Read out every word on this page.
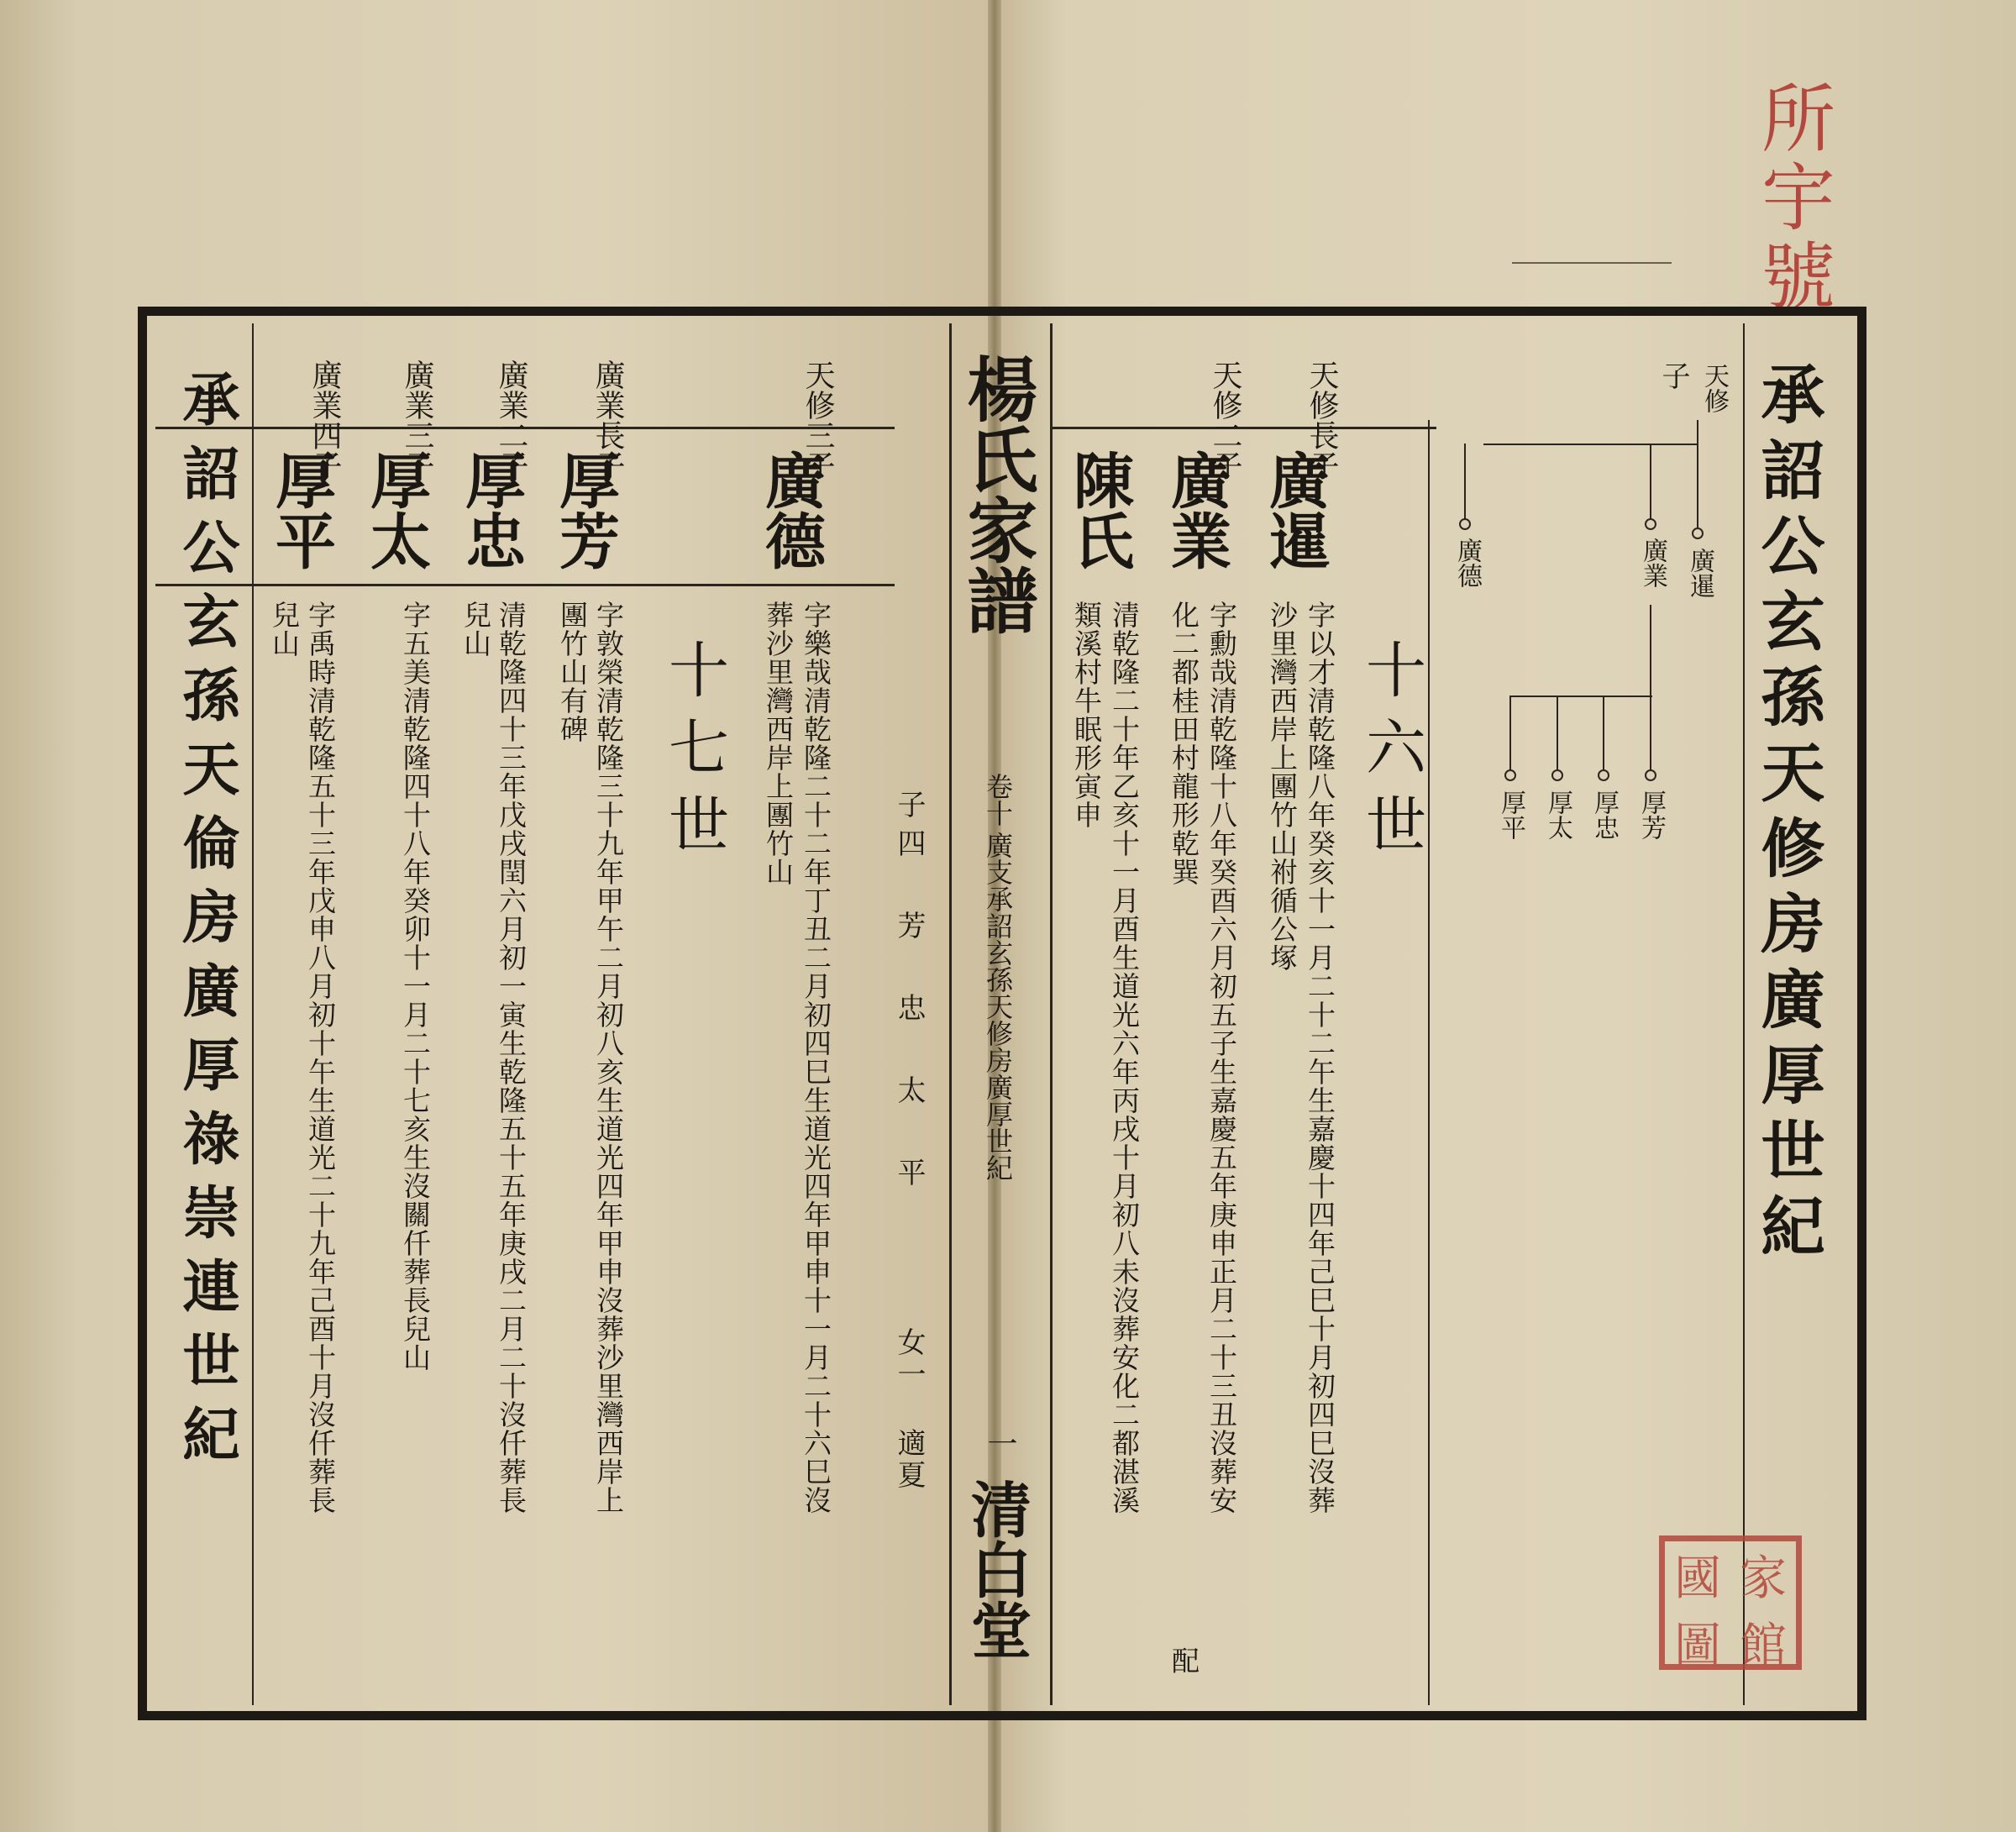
所宇號
承詔公玄孫天修房廣厚世紀
天修
子
廣暹
廣業
廣德
厚芳
厚忠
厚太
厚平
十六世
天修長子
廣暹
字以才清乾隆八年癸亥十一月二十二午生嘉慶十四年己巳十月初四巳沒葬
沙里灣西岸上團竹山祔循公塚
天修二子
廣業
字勳哉清乾隆十八年癸酉六月初五子生嘉慶五年庚申正月二十三丑沒葬安
化二都桂田村龍形乾巽
配
陳氏
清乾隆二十年乙亥十一月酉生道光六年丙戌十月初八未沒葬安化二都湛溪
類溪村牛眠形寅申
楊氏家譜
卷十
廣支承詔玄孫天修房廣厚世紀
一
清白堂
子四 芳 忠 太 平
女一 適夏
十七世
天修三子
廣德
字樂哉清乾隆二十二年丁丑二月初四巳生道光四年甲申十一月二十六巳沒
葬沙里灣西岸上團竹山
廣業長子
厚芳
字敦榮清乾隆三十九年甲午二月初八亥生道光四年甲申沒葬沙里灣西岸上
團竹山有碑
廣業二子
厚忠
清乾隆四十三年戊戌閏六月初一寅生乾隆五十五年庚戌二月二十沒仟葬長
兒山
廣業三子
厚太
字五美清乾隆四十八年癸卯十一月二十七亥生沒關仟葬長兒山
廣業四子
厚平
字禹時清乾隆五十三年戊申八月初十午生道光二十九年己酉十月沒仟葬長
兒山
承詔公玄孫天倫房廣厚祿崇連世紀
國 家
圖 館
